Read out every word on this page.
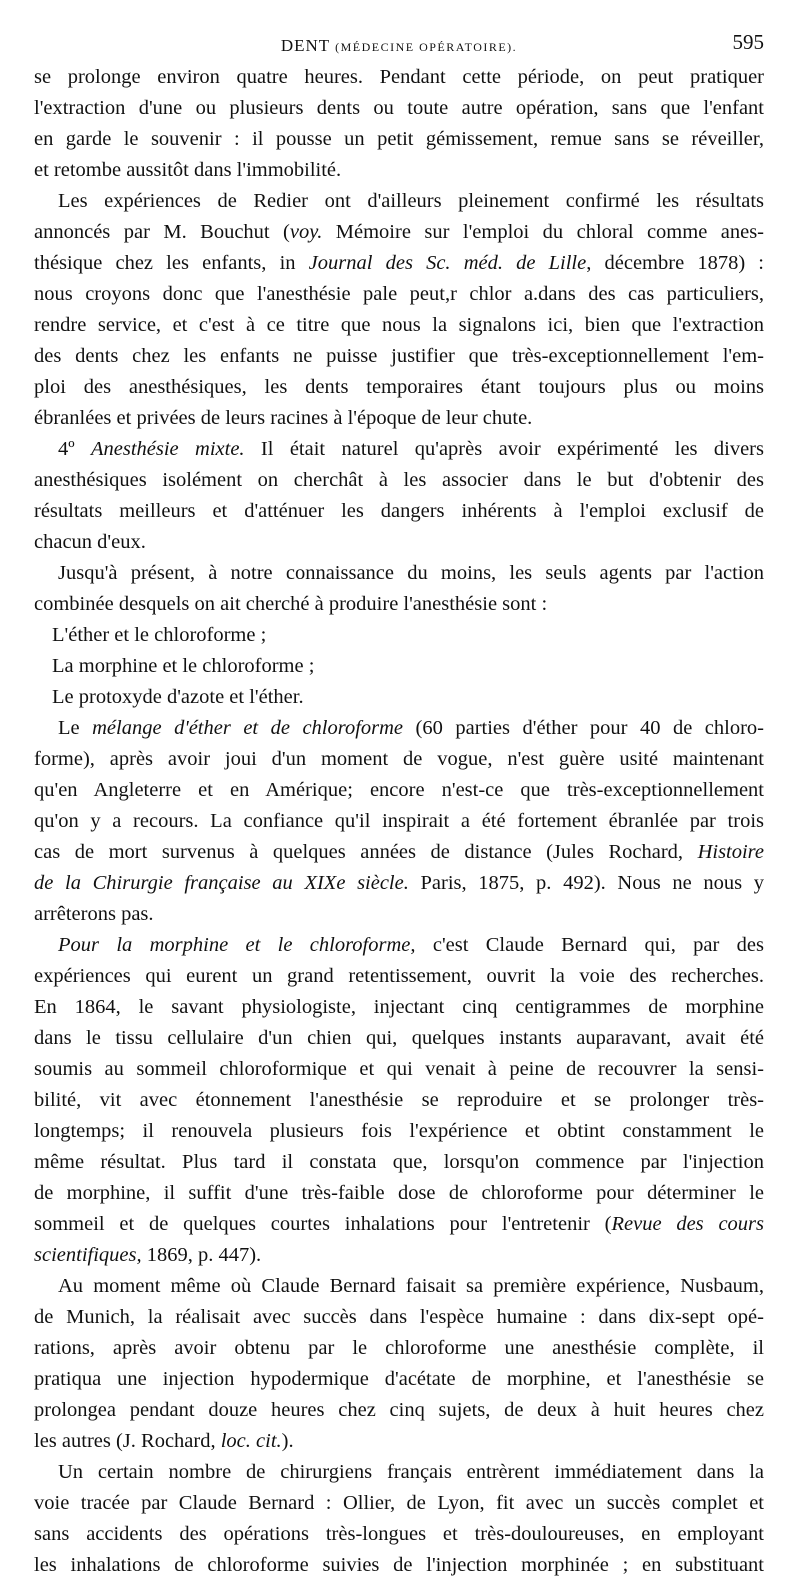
DENT (MÉDECINE OPÉRATOIRE).	595
se prolonge environ quatre heures. Pendant cette période, on peut pratiquer
l'extraction d'une ou plusieurs dents ou toute autre opération, sans que l'enfant
en garde le souvenir : il pousse un petit gémissement, remue sans se réveiller,
et retombe aussitôt dans l'immobilité.
Les expériences de Redier ont d'ailleurs pleinement confirmé les résultats
annoncés par M. Bouchut (voy. Mémoire sur l'emploi du chloral comme anes-
thésique chez les enfants, in Journal des Sc. méd. de Lille, décembre 1878) :
nous croyons donc que l'anesthésie pale peut,r chlor a.dans des cas particuliers,
rendre service, et c'est à ce titre que nous la signalons ici, bien que l'extraction
des dents chez les enfants ne puisse justifier que très-exceptionnellement l'em-
ploi des anesthésiques, les dents temporaires étant toujours plus ou moins
ébranlées et privées de leurs racines à l'époque de leur chute.
4º Anesthésie mixte. Il était naturel qu'après avoir expérimenté les divers
anesthésiques isolément on cherchât à les associer dans le but d'obtenir des
résultats meilleurs et d'atténuer les dangers inhérents à l'emploi exclusif de
chacun d'eux.
Jusqu'à présent, à notre connaissance du moins, les seuls agents par l'action
combinée desquels on ait cherché à produire l'anesthésie sont :
L'éther et le chloroforme ;
La morphine et le chloroforme ;
Le protoxyde d'azote et l'éther.
Le mélange d'éther et de chloroforme (60 parties d'éther pour 40 de chloro-
forme), après avoir joui d'un moment de vogue, n'est guère usité maintenant
qu'en Angleterre et en Amérique; encore n'est-ce que très-exceptionnellement
qu'on y a recours. La confiance qu'il inspirait a été fortement ébranlée par trois
cas de mort survenus à quelques années de distance (Jules Rochard, Histoire
de la Chirurgie française au XIXe siècle. Paris, 1875, p. 492). Nous ne nous y
arrêterons pas.
Pour la morphine et le chloroforme, c'est Claude Bernard qui, par des
expériences qui eurent un grand retentissement, ouvrit la voie des recherches.
En 1864, le savant physiologiste, injectant cinq centigrammes de morphine
dans le tissu cellulaire d'un chien qui, quelques instants auparavant, avait été
soumis au sommeil chloroformique et qui venait à peine de recouvrer la sensi-
bilité, vit avec étonnement l'anesthésie se reproduire et se prolonger très-
longtemps; il renouvela plusieurs fois l'expérience et obtint constamment le
même résultat. Plus tard il constata que, lorsqu'on commence par l'injection
de morphine, il suffit d'une très-faible dose de chloroforme pour déterminer le
sommeil et de quelques courtes inhalations pour l'entretenir (Revue des cours
scientifiques, 1869, p. 447).
Au moment même où Claude Bernard faisait sa première expérience, Nusbaum,
de Munich, la réalisait avec succès dans l'espèce humaine : dans dix-sept opé-
rations, après avoir obtenu par le chloroforme une anesthésie complète, il
pratiqua une injection hypodermique d'acétate de morphine, et l'anesthésie se
prolongea pendant douze heures chez cinq sujets, de deux à huit heures chez
les autres (J. Rochard, loc. cit.).
Un certain nombre de chirurgiens français entrèrent immédiatement dans la
voie tracée par Claude Bernard : Ollier, de Lyon, fit avec un succès complet et
sans accidents des opérations très-longues et très-douloureuses, en employant
les inhalations de chloroforme suivies de l'injection morphinée ; en substituant
